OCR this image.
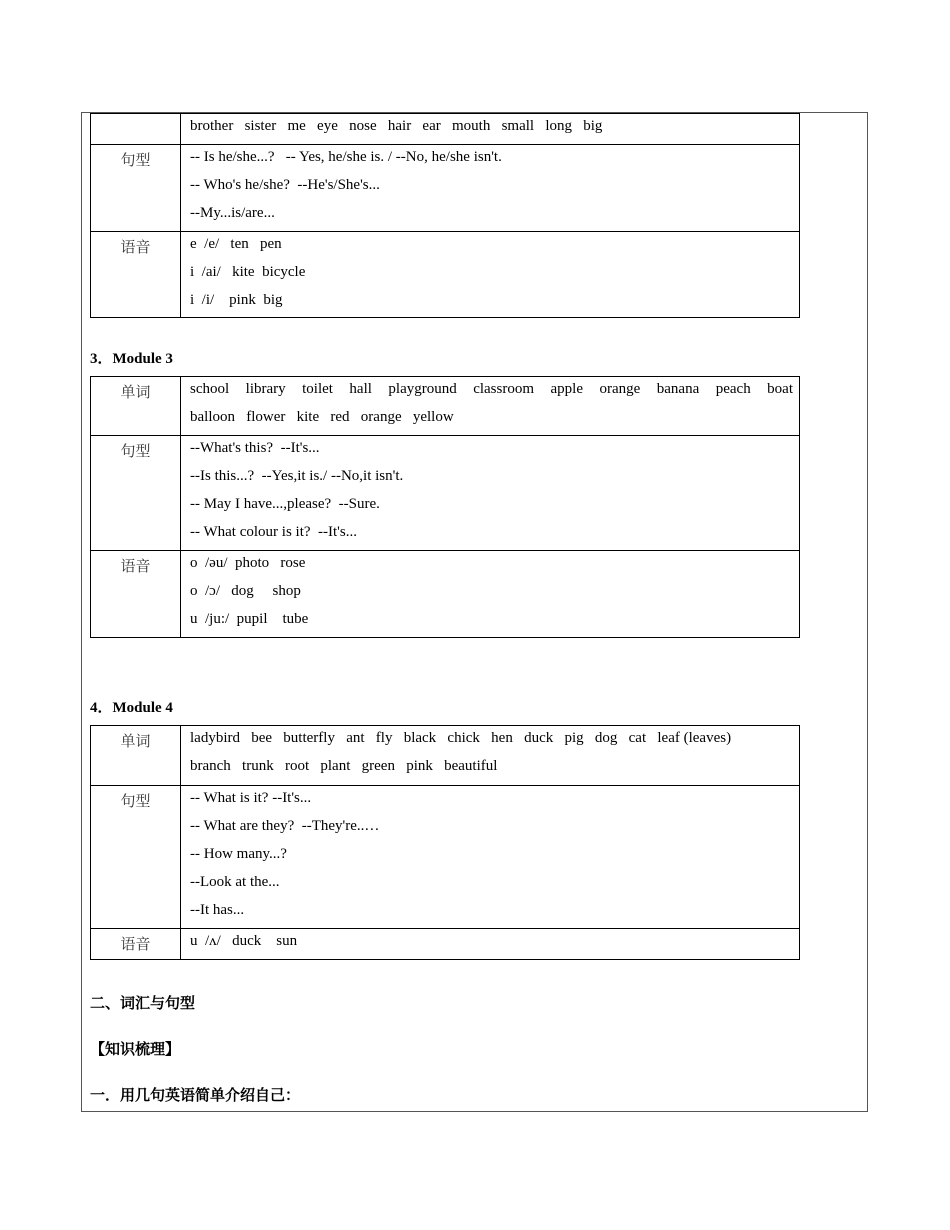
brother   sister   me   eye   nose   hair   ear   mouth   small   long   big
句型	-- Is he/she...?   -- Yes, he/she is. / --No, he/she isn't.
-- Who's he/she?  --He's/She's...
--My...is/are...
语音	e  /e/   ten   pen
i  /ai/   kite  bicycle
i  /i/    pink  big
3．Module 3
单词	school library toilet hall playground classroom apple orange banana peach boat
balloon   flower   kite   red   orange   yellow
句型	--What's this?  --It's...
--Is this...?  --Yes,it is./ --No,it isn't.
-- May I have...,please?  --Sure.
-- What colour is it?  --It's...
语音	o  /əu/  photo   rose
o  /ɔ/   dog     shop
u  /ju:/  pupil    tube
4．Module 4
单词	ladybird   bee   butterfly   ant   fly   black   chick   hen   duck   pig   dog   cat   leaf (leaves)
branch   trunk   root   plant   green   pink   beautiful
句型	-- What is it? --It's...
-- What are they?  --They're..…
-- How many...?
--Look at the...
--It has...
语音	u  /ʌ/   duck    sun
二、词汇与句型
【知识梳理】
一．用几句英语简单介绍自己：
